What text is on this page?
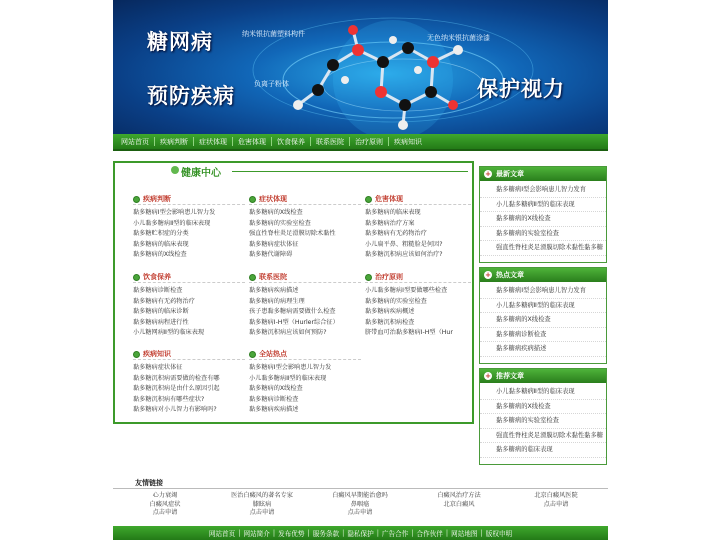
糖网病
预防疾病	保护视力
纳米银抗菌塑料构件	无色纳米银抗菌涂漆
负离子粉体
网站首页	疾病判断	症状体现	危害体现	饮食保养	联系医院	治疗原则	疾病知识
健康中心
疾病判断
黏多糖病Ⅰ型会影响患儿智力发
小儿黏多糖病Ⅱ型的临床表现
黏多糖贮积症的分类
黏多糖病的临床表现
黏多糖病的X线检查
症状体现
黏多糖病的X线检查
黏多糖病的实验室检查
强直性脊柱炎足滑膜切除术黏性
黏多糖病症状体征
黏多糖代谢障碍
危害体现
黏多糖病的临床表现
黏多糖病治疗方案
黏多糖病有无药物治疗
小儿扁平鼻、粗糙脸是何因?
黏多糖沉积病应该如何治疗?
饮食保养
黏多糖病诊断检查
黏多糖病有无药物治疗
黏多糖病的临床诊断
黏多糖病病程进行性
小儿糖网病Ⅱ型的临床表现
联系医院
黏多糖病疾病描述
黏多糖病的病理生理
孩子患黏多糖病需要做什么检查
黏多糖病Ⅰ-H型（Hurler综合征）
黏多糖沉积病应该如何预防?
治疗原则
小儿黏多糖病Ⅰ型要做哪些检查
黏多糖病的实验室检查
黏多糖病疾病概述
黏多糖沉积病检查
脐带血可治黏多糖病Ⅰ-H型（Hur
疾病知识
黏多糖病症状体征
黏多糖沉积病需要做的检查有哪
黏多糖沉积病是由什么原因引起
黏多糖沉积病有哪些症状?
黏多糖病对小儿智力有影响吗?
全站热点
黏多糖病Ⅰ型会影响患儿智力发
小儿黏多糖病Ⅱ型的临床表现
黏多糖病的X线检查
黏多糖病诊断检查
黏多糖病疾病描述
+ 最新文章
黏多糖病Ⅰ型会影响患儿智力发育
小儿黏多糖病Ⅱ型的临床表现
黏多糖病的X线检查
黏多糖病的实验室检查
强直性脊柱炎足滑膜切除术黏性黏多糖
+ 热点文章
黏多糖病Ⅰ型会影响患儿智力发育
小儿黏多糖病Ⅱ型的临床表现
黏多糖病的X线检查
黏多糖病诊断检查
黏多糖病疾病描述
+ 推荐文章
小儿黏多糖病Ⅱ型的临床表现
黏多糖病的X线检查
黏多糖病的实验室检查
强直性脊柱炎足滑膜切除术黏性黏多糖
黏多糖病的临床表现
友情链接
心力衰竭
白癜风症状
点击申请
医治白癜风的著名专家
膝眩病
点击申请
白癜风早期能治愈吗
鼻咽癌
点击申请
白癜风治疗方法
北京白癜风
北京白癜风医院
点击申请
网站首页 | 网站简介 | 发布优势 | 服务条款 | 隐私保护 | 广告合作 | 合作伙伴 | 网站地图 | 版权申明
